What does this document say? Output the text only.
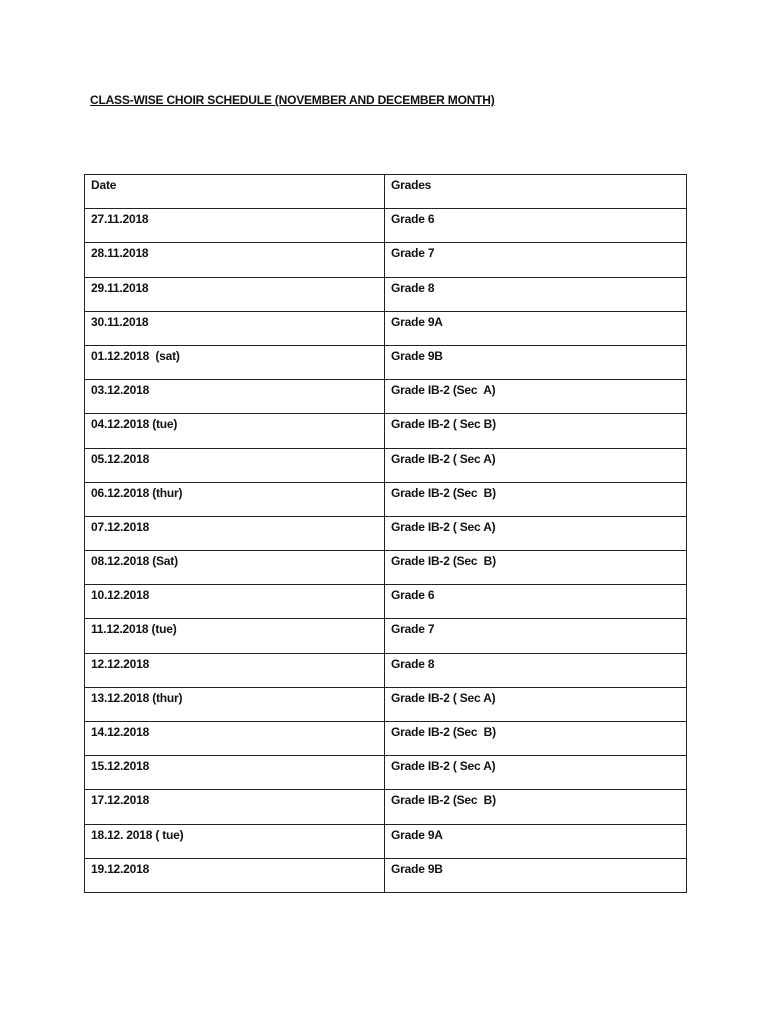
CLASS-WISE CHOIR SCHEDULE (NOVEMBER AND DECEMBER MONTH)
Date	Grades
27.11.2018	Grade 6
28.11.2018	Grade 7
29.11.2018	Grade 8
30.11.2018	Grade 9A
01.12.2018  (sat)	Grade 9B
03.12.2018	Grade IB-2 (Sec  A)
04.12.2018 (tue)	Grade IB-2 ( Sec B)
05.12.2018	Grade IB-2 ( Sec A)
06.12.2018 (thur)	Grade IB-2 (Sec  B)
07.12.2018	Grade IB-2 ( Sec A)
08.12.2018 (Sat)	Grade IB-2 (Sec  B)
10.12.2018	Grade 6
11.12.2018 (tue)	Grade 7
12.12.2018	Grade 8
13.12.2018 (thur)	Grade IB-2 ( Sec A)
14.12.2018	Grade IB-2 (Sec  B)
15.12.2018	Grade IB-2 ( Sec A)
17.12.2018	Grade IB-2 (Sec  B)
18.12. 2018 ( tue)	Grade 9A
19.12.2018	Grade 9B
